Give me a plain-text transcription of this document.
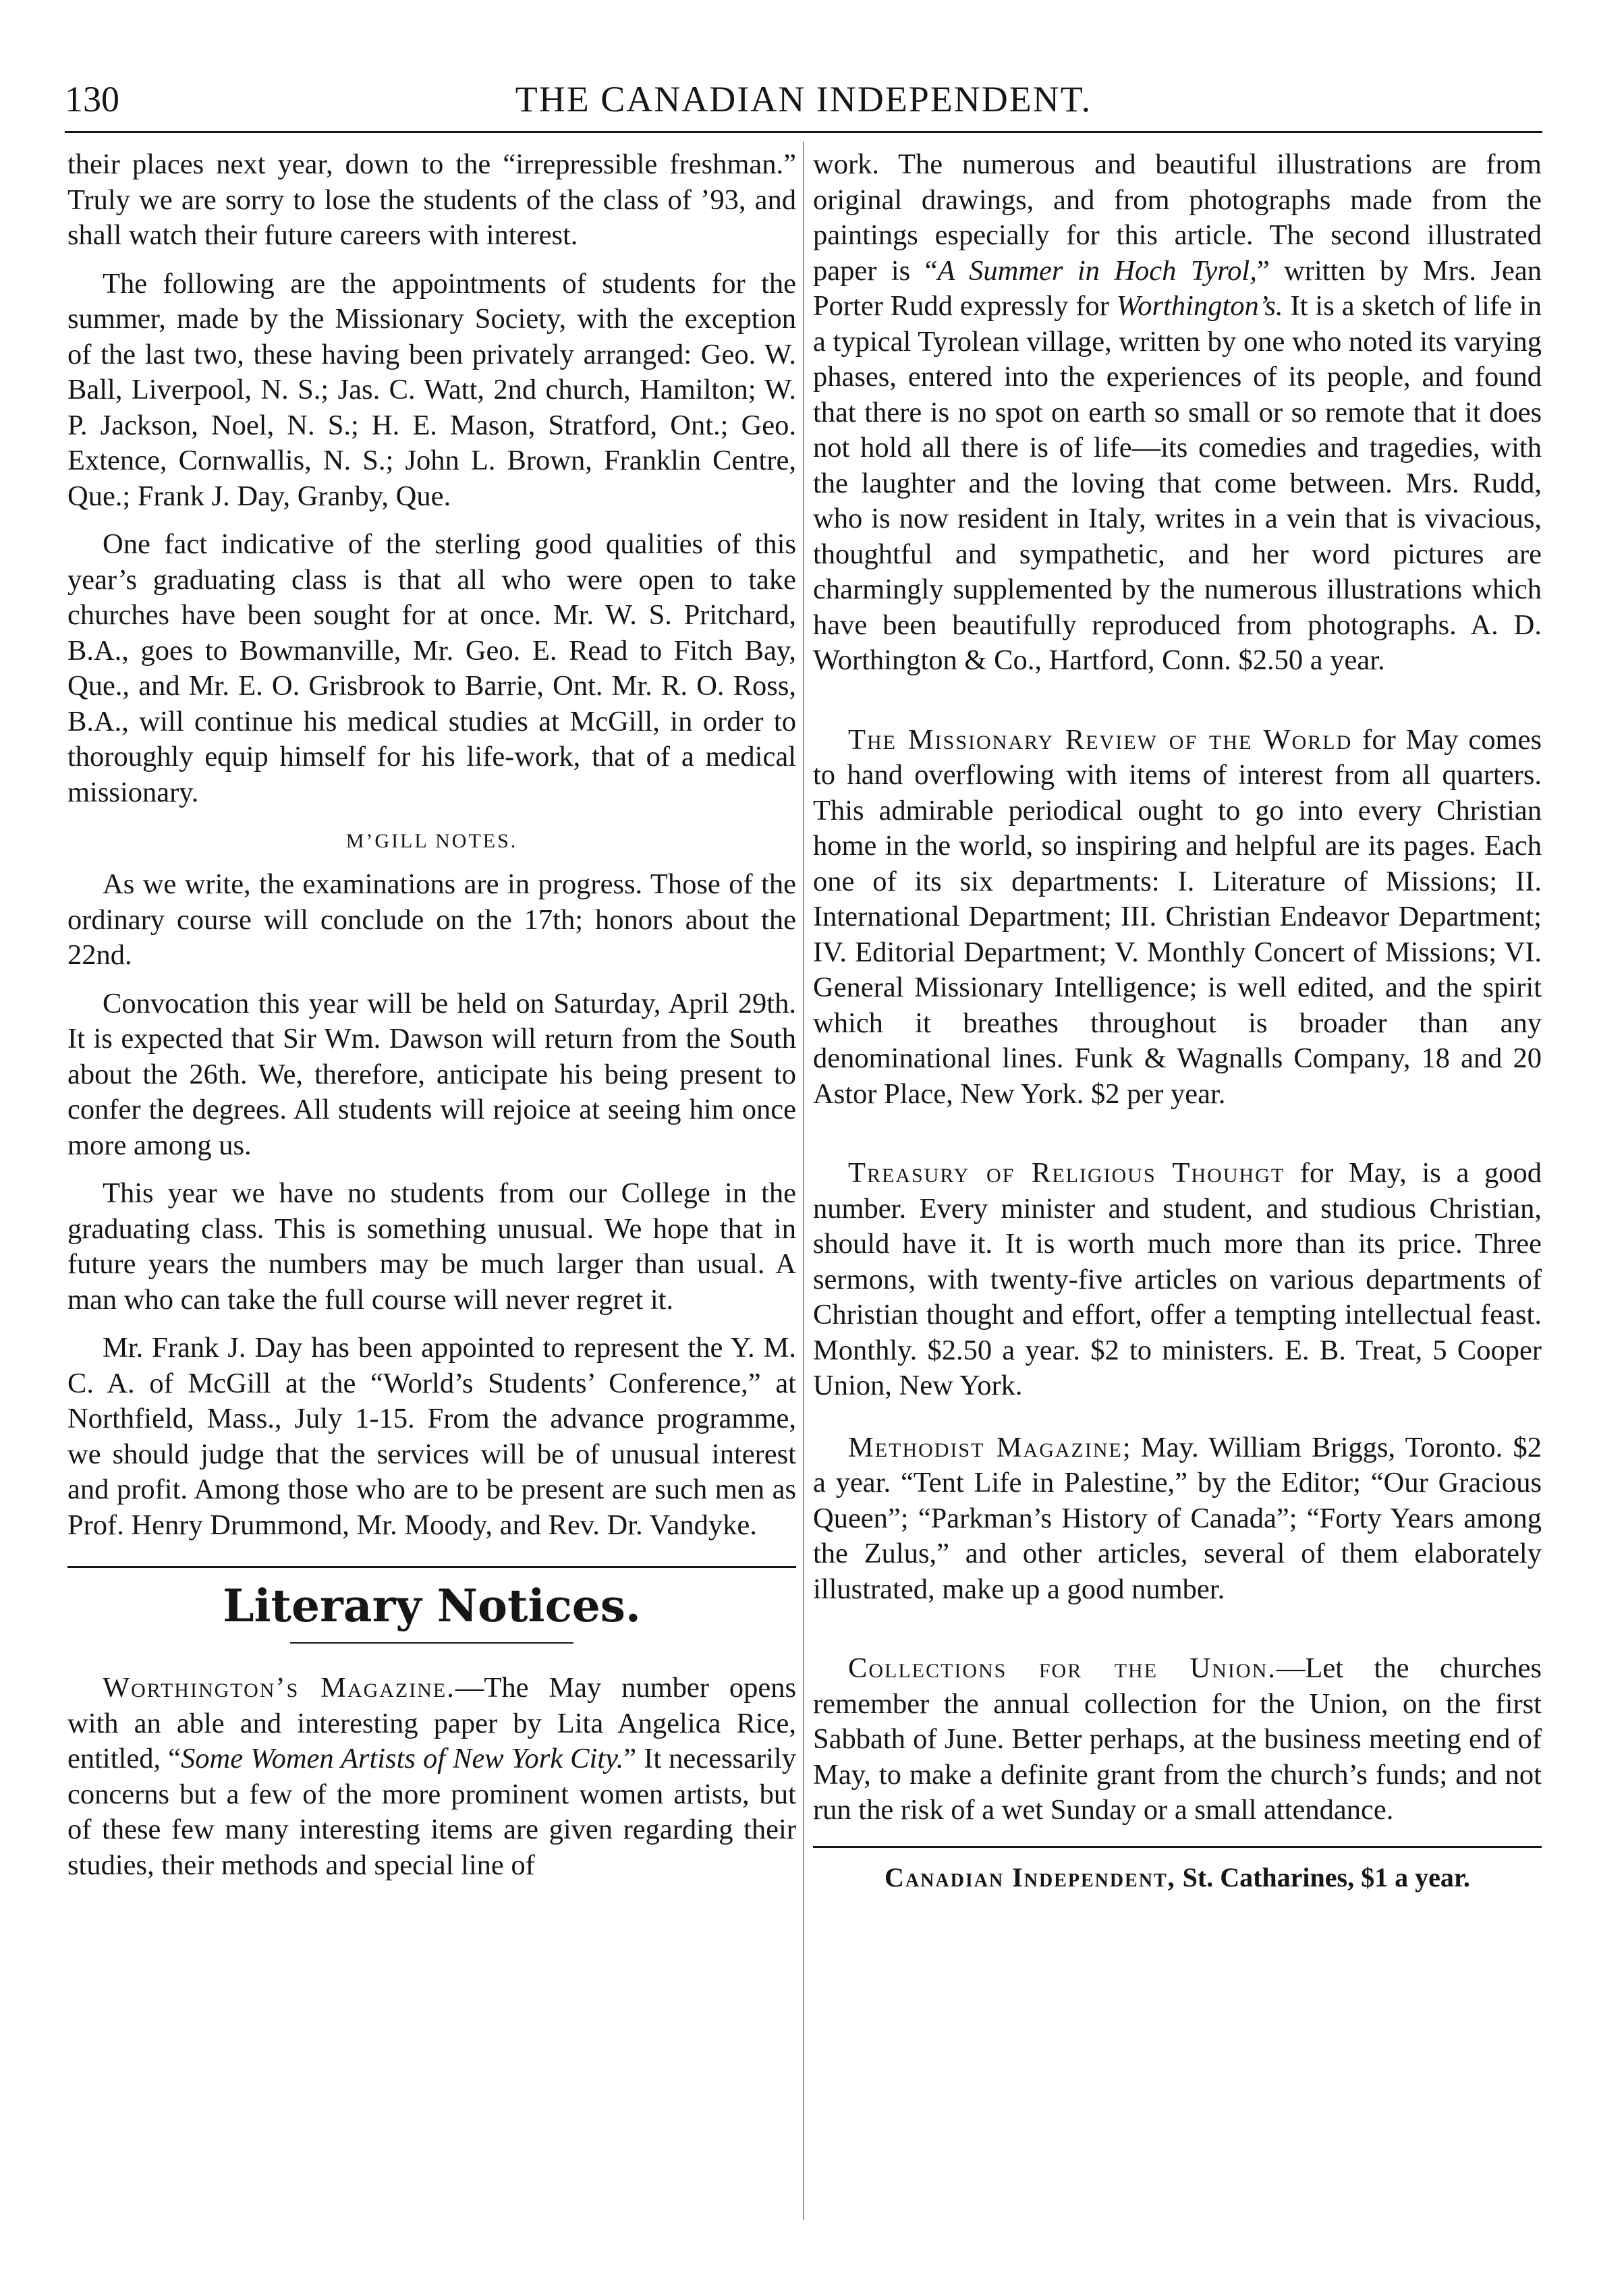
130	THE CANADIAN INDEPENDENT.

their places next year, down to the “irrepressible freshman.” Truly we are sorry to lose the students of the class of ’93, and shall watch their future careers with interest.

The following are the appointments of students for the summer, made by the Missionary Society, with the exception of the last two, these having been privately arranged: Geo. W. Ball, Liverpool, N. S.; Jas. C. Watt, 2nd church, Hamilton; W. P. Jackson, Noel, N. S.; H. E. Mason, Stratford, Ont.; Geo. Extence, Cornwallis, N. S.; John L. Brown, Franklin Centre, Que.; Frank J. Day, Granby, Que.

One fact indicative of the sterling good qualities of this year’s graduating class is that all who were open to take churches have been sought for at once. Mr. W. S. Pritchard, B.A., goes to Bowmanville, Mr. Geo. E. Read to Fitch Bay, Que., and Mr. E. O. Grisbrook to Barrie, Ont. Mr. R. O. Ross, B.A., will continue his medical studies at McGill, in order to thoroughly equip himself for his life-work, that of a medical missionary.

M’GILL NOTES.

As we write, the examinations are in progress. Those of the ordinary course will conclude on the 17th; honors about the 22nd.

Convocation this year will be held on Saturday, April 29th. It is expected that Sir Wm. Dawson will return from the South about the 26th. We, therefore, anticipate his being present to confer the degrees. All students will rejoice at seeing him once more among us.

This year we have no students from our College in the graduating class. This is something unusual. We hope that in future years the numbers may be much larger than usual. A man who can take the full course will never regret it.

Mr. Frank J. Day has been appointed to represent the Y. M. C. A. of McGill at the “World’s Students’ Conference,” at Northfield, Mass., July 1-15. From the advance programme, we should judge that the services will be of unusual interest and profit. Among those who are to be present are such men as Prof. Henry Drummond, Mr. Moody, and Rev. Dr. Vandyke.

Literary Notices.

Worthington’s Magazine.—The May number opens with an able and interesting paper by Lita Angelica Rice, entitled, “Some Women Artists of New York City.” It necessarily concerns but a few of the more prominent women artists, but of these few many interesting items are given regarding their studies, their methods and special line of

work. The numerous and beautiful illustrations are from original drawings, and from photographs made from the paintings especially for this article. The second illustrated paper is “A Summer in Hoch Tyrol,” written by Mrs. Jean Porter Rudd expressly for Worthington’s. It is a sketch of life in a typical Tyrolean village, written by one who noted its varying phases, entered into the experiences of its people, and found that there is no spot on earth so small or so remote that it does not hold all there is of life—its comedies and tragedies, with the laughter and the loving that come between. Mrs. Rudd, who is now resident in Italy, writes in a vein that is vivacious, thoughtful and sympathetic, and her word pictures are charmingly supplemented by the numerous illustrations which have been beautifully reproduced from photographs. A. D. Worthington & Co., Hartford, Conn. $2.50 a year.

The Missionary Review of the World for May comes to hand overflowing with items of interest from all quarters. This admirable periodical ought to go into every Christian home in the world, so inspiring and helpful are its pages. Each one of its six departments: I. Literature of Missions; II. International Department; III. Christian Endeavor Department; IV. Editorial Department; V. Monthly Concert of Missions; VI. General Missionary Intelligence; is well edited, and the spirit which it breathes throughout is broader than any denominational lines. Funk & Wagnalls Company, 18 and 20 Astor Place, New York. $2 per year.

Treasury of Religious Thouhgt for May, is a good number. Every minister and student, and studious Christian, should have it. It is worth much more than its price. Three sermons, with twenty-five articles on various departments of Christian thought and effort, offer a tempting intellectual feast. Monthly. $2.50 a year. $2 to ministers. E. B. Treat, 5 Cooper Union, New York.

Methodist Magazine; May. William Briggs, Toronto. $2 a year. “Tent Life in Palestine,” by the Editor; “Our Gracious Queen”; “Parkman’s History of Canada”; “Forty Years among the Zulus,” and other articles, several of them elaborately illustrated, make up a good number.

Collections for the Union.—Let the churches remember the annual collection for the Union, on the first Sabbath of June. Better perhaps, at the business meeting end of May, to make a definite grant from the church’s funds; and not run the risk of a wet Sunday or a small attendance.

Canadian Independent, St. Catharines, $1 a year.
